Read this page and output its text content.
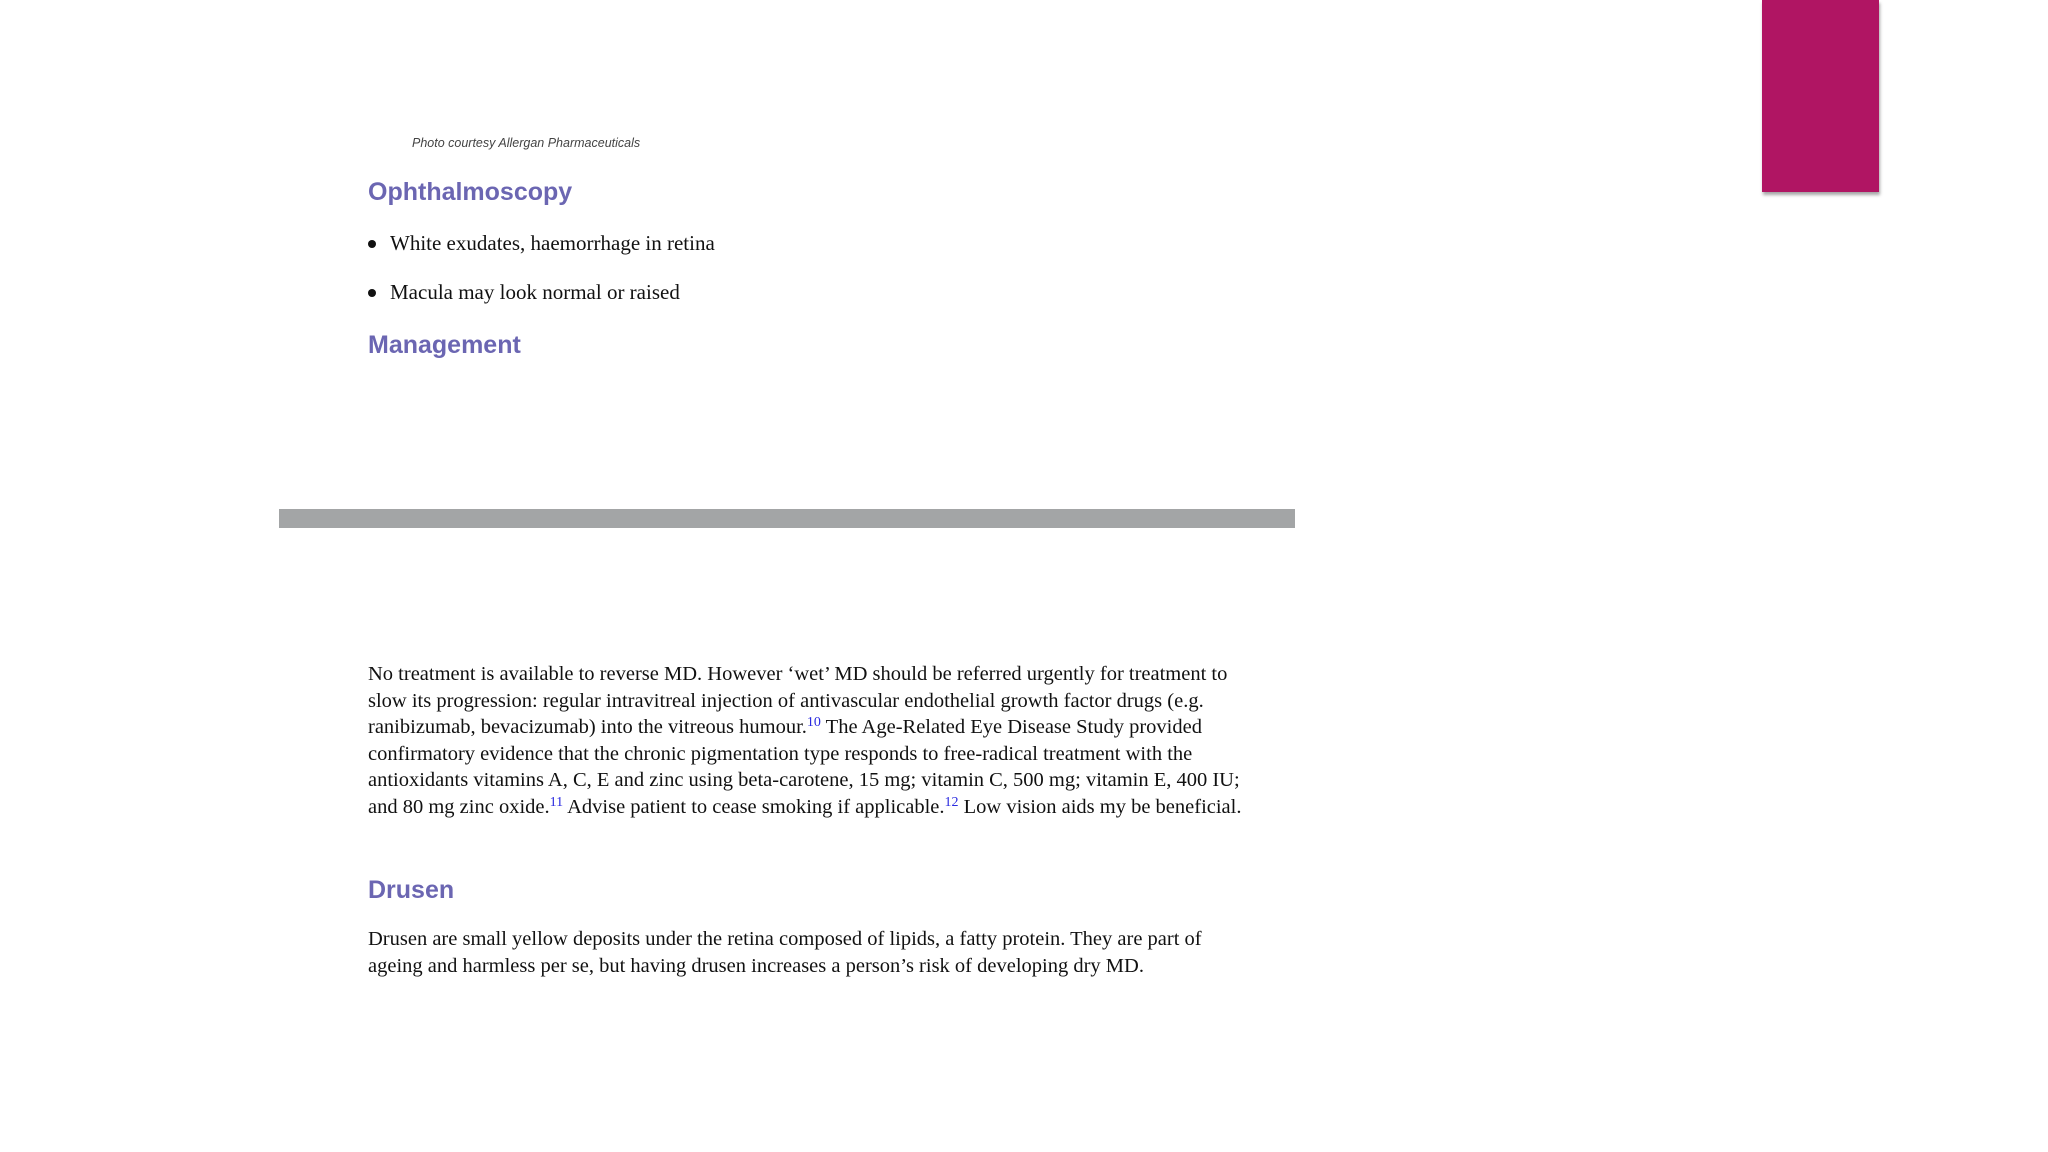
Photo courtesy Allergan Pharmaceuticals
Ophthalmoscopy
White exudates, haemorrhage in retina
Macula may look normal or raised
Management

No treatment is available to reverse MD. However ‘wet’ MD should be referred urgently for treatment to slow its progression: regular intravitreal injection of antivascular endothelial growth factor drugs (e.g. ranibizumab, bevacizumab) into the vitreous humour.$^{10}$ The Age-Related Eye Disease Study provided confirmatory evidence that the chronic pigmentation type responds to free-radical treatment with the antioxidants vitamins A, C, E and zinc using beta-carotene, 15 mg; vitamin C, 500 mg; vitamin E, 400 IU; and 80 mg zinc oxide.$^{11}$ Advise patient to cease smoking if applicable.$^{12}$ Low vision aids my be beneficial.

Drusen

Drusen are small yellow deposits under the retina composed of lipids, a fatty protein. They are part of ageing and harmless per se, but having drusen increases a person’s risk of developing dry MD.
